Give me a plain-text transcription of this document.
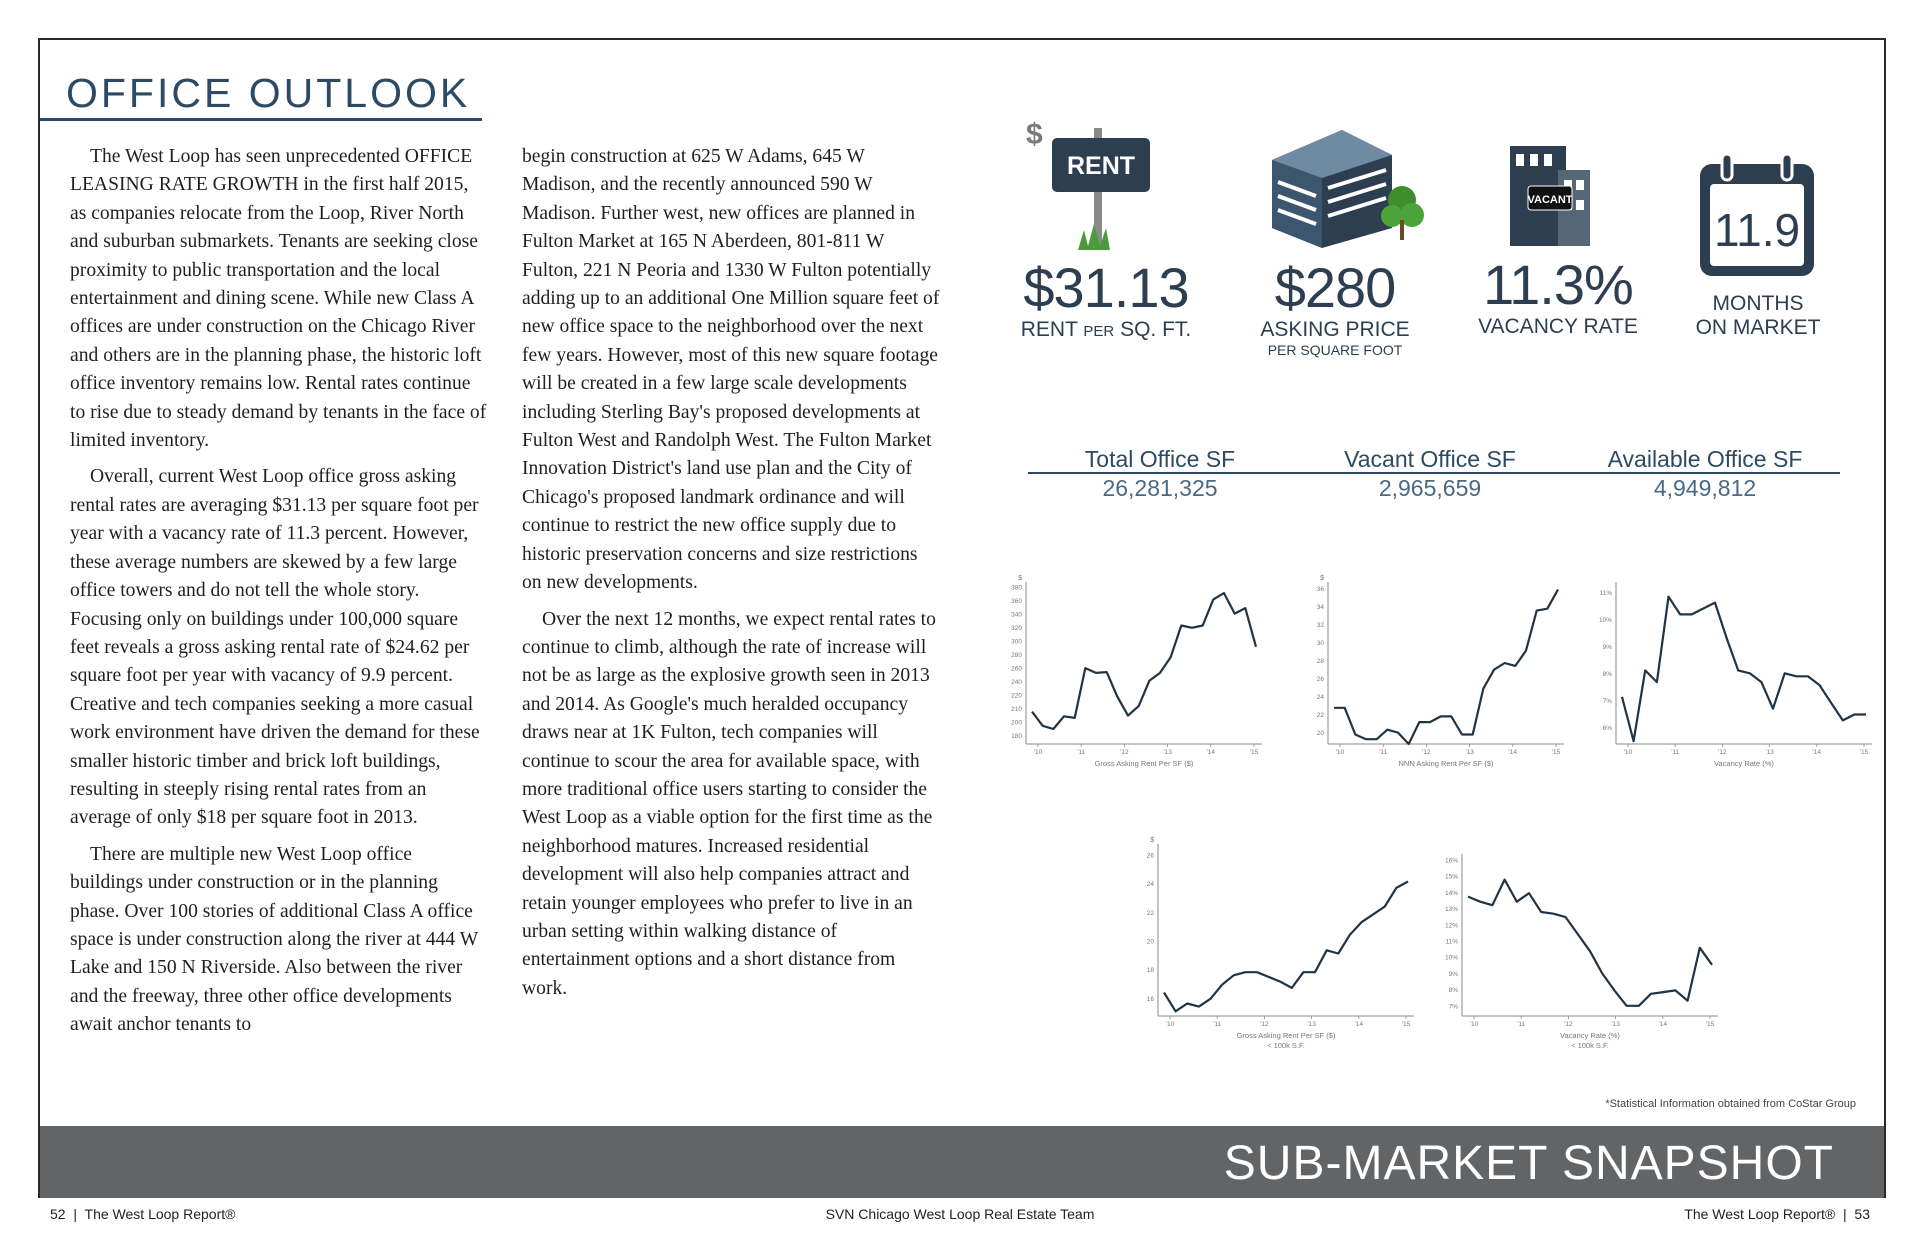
OFFICE OUTLOOK

The West Loop has seen unprecedented OFFICE LEASING RATE GROWTH in the first half 2015, as companies relocate from the Loop, River North and suburban submarkets. Tenants are seeking close proximity to public transportation and the local entertainment and dining scene. While new Class A offices are under construction on the Chicago River and others are in the planning phase, the historic loft office inventory remains low. Rental rates continue to rise due to steady demand by tenants in the face of limited inventory.

Overall, current West Loop office gross asking rental rates are averaging $31.13 per square foot per year with a vacancy rate of 11.3 percent. However, these average numbers are skewed by a few large office towers and do not tell the whole story. Focusing only on buildings under 100,000 square feet reveals a gross asking rental rate of $24.62 per square foot per year with vacancy of 9.9 percent. Creative and tech companies seeking a more casual work environment have driven the demand for these smaller historic timber and brick loft buildings, resulting in steeply rising rental rates from an average of only $18 per square foot in 2013.

There are multiple new West Loop office buildings under construction or in the planning phase. Over 100 stories of additional Class A office space is under construction along the river at 444 W Lake and 150 N Riverside. Also between the river and the freeway, three other office developments await anchor tenants to

begin construction at 625 W Adams, 645 W Madison, and the recently announced 590 W Madison. Further west, new offices are planned in Fulton Market at 165 N Aberdeen, 801-811 W Fulton, 221 N Peoria and 1330 W Fulton potentially adding up to an additional One Million square feet of new office space to the neighborhood over the next few years. However, most of this new square footage will be created in a few large scale developments including Sterling Bay's proposed developments at Fulton West and Randolph West. The Fulton Market Innovation District's land use plan and the City of Chicago's proposed landmark ordinance and will continue to restrict the new office supply due to historic preservation concerns and size restrictions on new developments.

Over the next 12 months, we expect rental rates to continue to climb, although the rate of increase will not be as large as the explosive growth seen in 2013 and 2014. As Google's much heralded occupancy draws near at 1K Fulton, tech companies will continue to scour the area for available space, with more traditional office users starting to consider the West Loop as a viable option for the first time as the neighborhood matures. Increased residential development will also help companies attract and retain younger employees who prefer to live in an urban setting within walking distance of entertainment options and a short distance from work.

$
RENT
$31.13
RENT PER SQ. FT.
$280
ASKING PRICE
PER SQUARE FOOT
VACANT
11.3%
VACANCY RATE
11.9
MONTHS
ON MARKET
Total Office SF	Vacant Office SF	Available Office SF
26,281,325	2,965,659	4,949,812
$
180
200
210
220
240
260
280
300
320
340
360
380
'10	'11	'12	'13	'14	'15
Gross Asking Rent Per SF ($)
$
20
22
24
26
28
30
32
34
36
'10	'11	'12	'13	'14	'15
NNN Asking Rent Per SF ($)
6%
7%
8%
9%
10%
11%
'10	'11	'12	'13	'14	'15
Vacancy Rate (%)
$
16
18
20
22
24
26
'10	'11	'12	'13	'14	'15
Gross Asking Rent Per SF ($)
< 100k S.F.
7%
8%
9%
10%
11%
12%
13%
14%
15%
16%
'10	'11	'12	'13	'14	'15
Vacancy Rate (%)
< 100k S.F.
*Statistical Information obtained from CoStar Group
SUB-MARKET SNAPSHOT
52 | The West Loop Report®	SVN Chicago West Loop Real Estate Team	The West Loop Report® | 53
